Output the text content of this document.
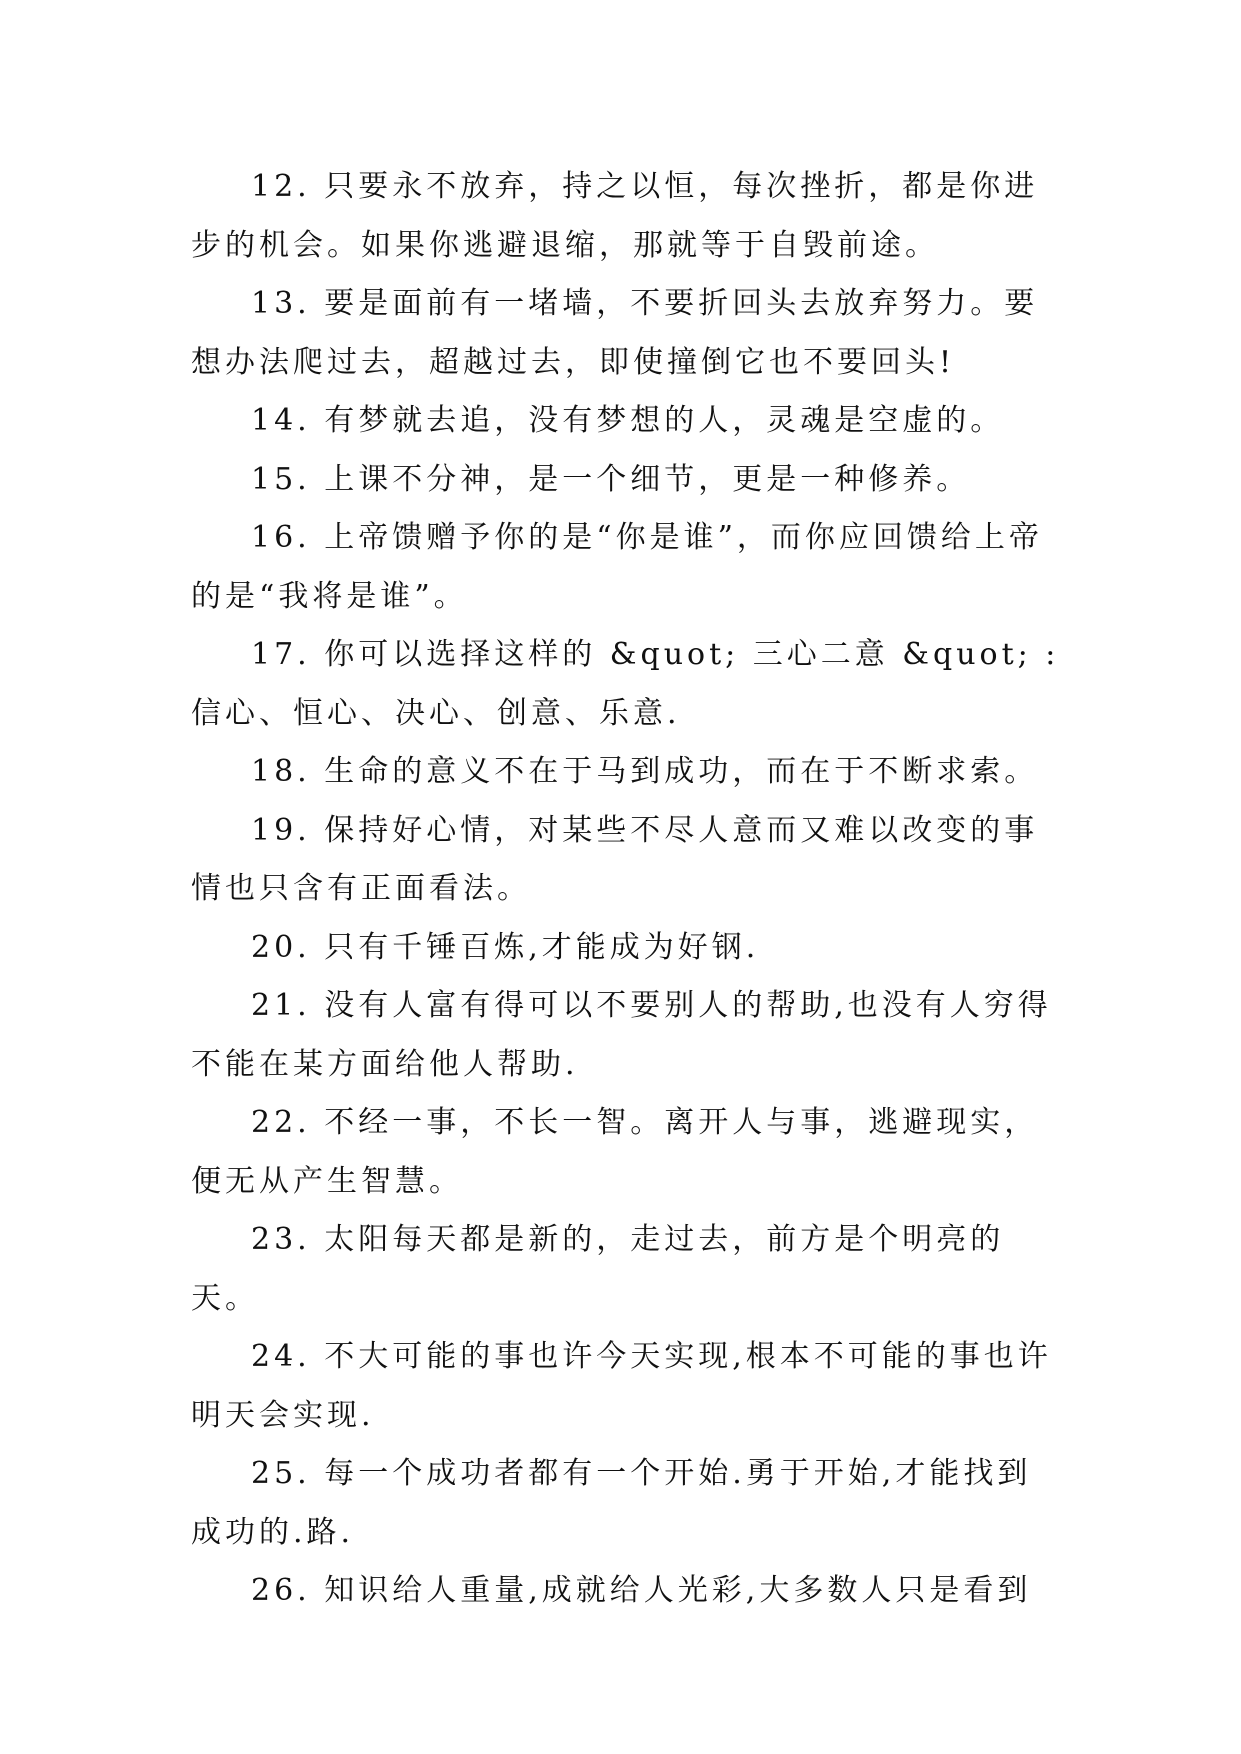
12. 只要永不放弃，持之以恒，每次挫折，都是你进步的机会。如果你逃避退缩，那就等于自毁前途。

13. 要是面前有一堵墙，不要折回头去放弃努力。要想办法爬过去，超越过去，即使撞倒它也不要回头!

14. 有梦就去追，没有梦想的人，灵魂是空虚的。

15. 上课不分神，是一个细节，更是一种修养。

16. 上帝馈赠予你的是“你是谁”，而你应回馈给上帝的是“我将是谁”。

17. 你可以选择这样的 &quot; 三心二意 &quot; :信心、恒心、决心、创意、乐意.

18. 生命的意义不在于马到成功，而在于不断求索。

19. 保持好心情，对某些不尽人意而又难以改变的事情也只含有正面看法。

20. 只有千锤百炼,才能成为好钢.

21. 没有人富有得可以不要别人的帮助,也没有人穷得不能在某方面给他人帮助.

22. 不经一事，不长一智。离开人与事，逃避现实，便无从产生智慧。

23. 太阳每天都是新的，走过去，前方是个明亮的天。

24. 不大可能的事也许今天实现,根本不可能的事也许明天会实现.

25. 每一个成功者都有一个开始.勇于开始,才能找到成功的.路.

26. 知识给人重量,成就给人光彩,大多数人只是看到
